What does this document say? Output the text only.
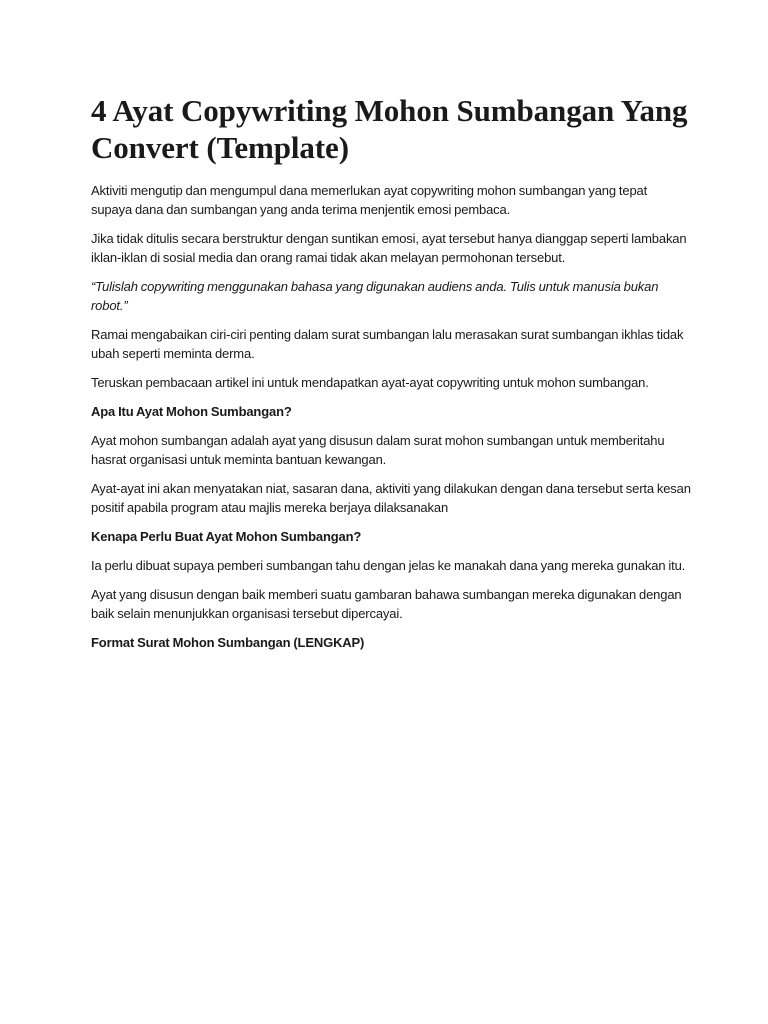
4 Ayat Copywriting Mohon Sumbangan Yang Convert (Template)

Aktiviti mengutip dan mengumpul dana memerlukan ayat copywriting mohon sumbangan yang tepat supaya dana dan sumbangan yang anda terima menjentik emosi pembaca.

Jika tidak ditulis secara berstruktur dengan suntikan emosi, ayat tersebut hanya dianggap seperti lambakan iklan-iklan di sosial media dan orang ramai tidak akan melayan permohonan tersebut.

“Tulislah copywriting menggunakan bahasa yang digunakan audiens anda. Tulis untuk manusia bukan robot.”

Ramai mengabaikan ciri-ciri penting dalam surat sumbangan lalu merasakan surat sumbangan ikhlas tidak ubah seperti meminta derma.

Teruskan pembacaan artikel ini untuk mendapatkan ayat-ayat copywriting untuk mohon sumbangan.

Apa Itu Ayat Mohon Sumbangan?

Ayat mohon sumbangan adalah ayat yang disusun dalam surat mohon sumbangan untuk memberitahu hasrat organisasi untuk meminta bantuan kewangan.

Ayat-ayat ini akan menyatakan niat, sasaran dana, aktiviti yang dilakukan dengan dana tersebut serta kesan positif apabila program atau majlis mereka berjaya dilaksanakan

Kenapa Perlu Buat Ayat Mohon Sumbangan?

Ia perlu dibuat supaya pemberi sumbangan tahu dengan jelas ke manakah dana yang mereka gunakan itu.

Ayat yang disusun dengan baik memberi suatu gambaran bahawa sumbangan mereka digunakan dengan baik selain menunjukkan organisasi tersebut dipercayai.

Format Surat Mohon Sumbangan (LENGKAP)
